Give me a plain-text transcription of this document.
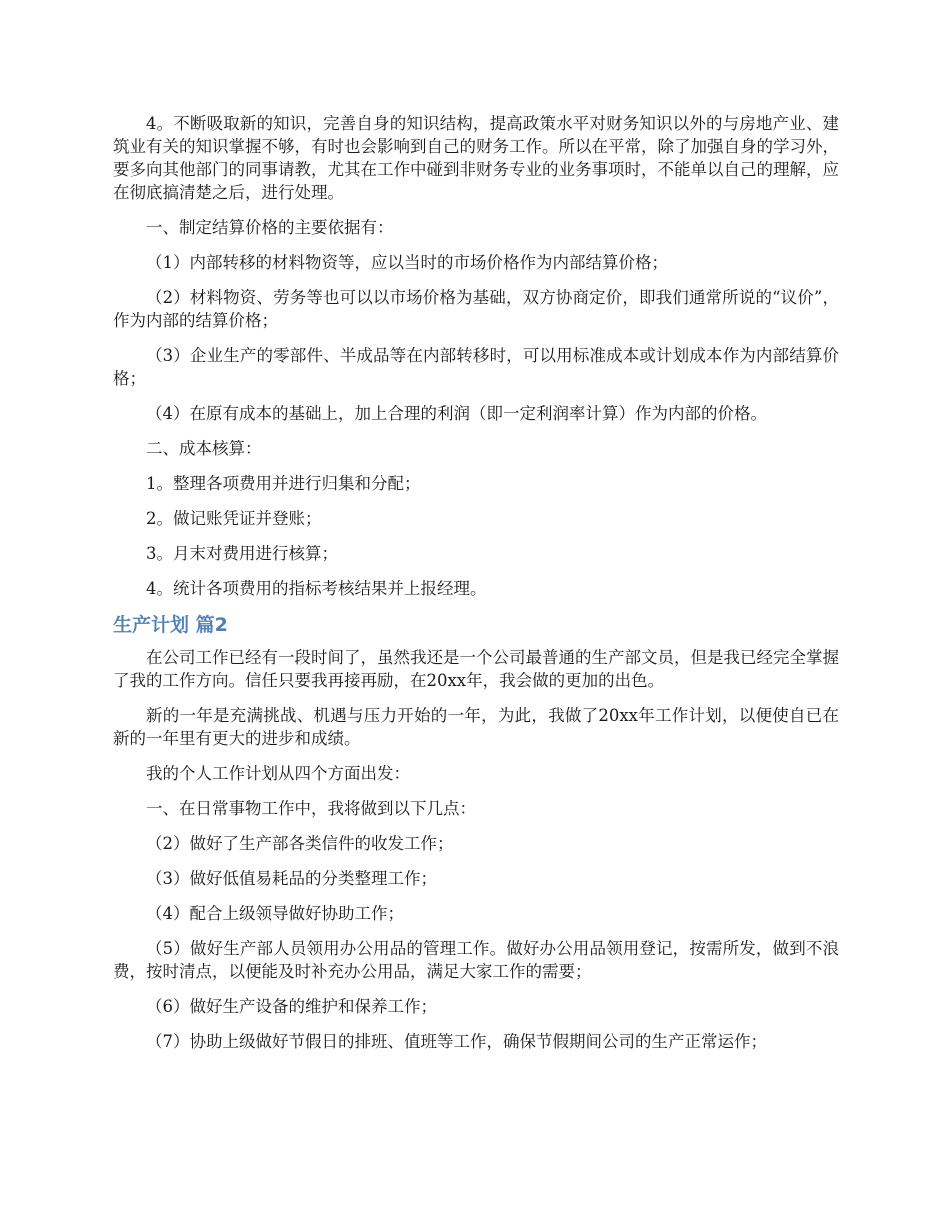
4。不断吸取新的知识，完善自身的知识结构，提高政策水平对财务知识以外的与房地产业、建筑业有关的知识掌握不够，有时也会影响到自己的财务工作。所以在平常，除了加强自身的学习外，要多向其他部门的同事请教，尤其在工作中碰到非财务专业的业务事项时，不能单以自己的理解，应在彻底搞清楚之后，进行处理。

一、制定结算价格的主要依据有：

（1）内部转移的材料物资等，应以当时的市场价格作为内部结算价格；

（2）材料物资、劳务等也可以以市场价格为基础，双方协商定价，即我们通常所说的“议价”，作为内部的结算价格；

（3）企业生产的零部件、半成品等在内部转移时，可以用标准成本或计划成本作为内部结算价格；

（4）在原有成本的基础上，加上合理的利润（即一定利润率计算）作为内部的价格。

二、成本核算：

1。整理各项费用并进行归集和分配；

2。做记账凭证并登账；

3。月末对费用进行核算；

4。统计各项费用的指标考核结果并上报经理。

生产计划 篇2

在公司工作已经有一段时间了，虽然我还是一个公司最普通的生产部文员，但是我已经完全掌握了我的工作方向。信任只要我再接再励，在20xx年，我会做的更加的出色。

新的一年是充满挑战、机遇与压力开始的一年，为此，我做了20xx年工作计划，以便使自已在新的一年里有更大的进步和成绩。

我的个人工作计划从四个方面出发：

一、在日常事物工作中，我将做到以下几点：

（2）做好了生产部各类信件的收发工作；

（3）做好低值易耗品的分类整理工作；

（4）配合上级领导做好协助工作；

（5）做好生产部人员领用办公用品的管理工作。做好办公用品领用登记，按需所发，做到不浪费，按时清点，以便能及时补充办公用品，满足大家工作的需要；

（6）做好生产设备的维护和保养工作；

（7）协助上级做好节假日的排班、值班等工作，确保节假期间公司的生产正常运作；
